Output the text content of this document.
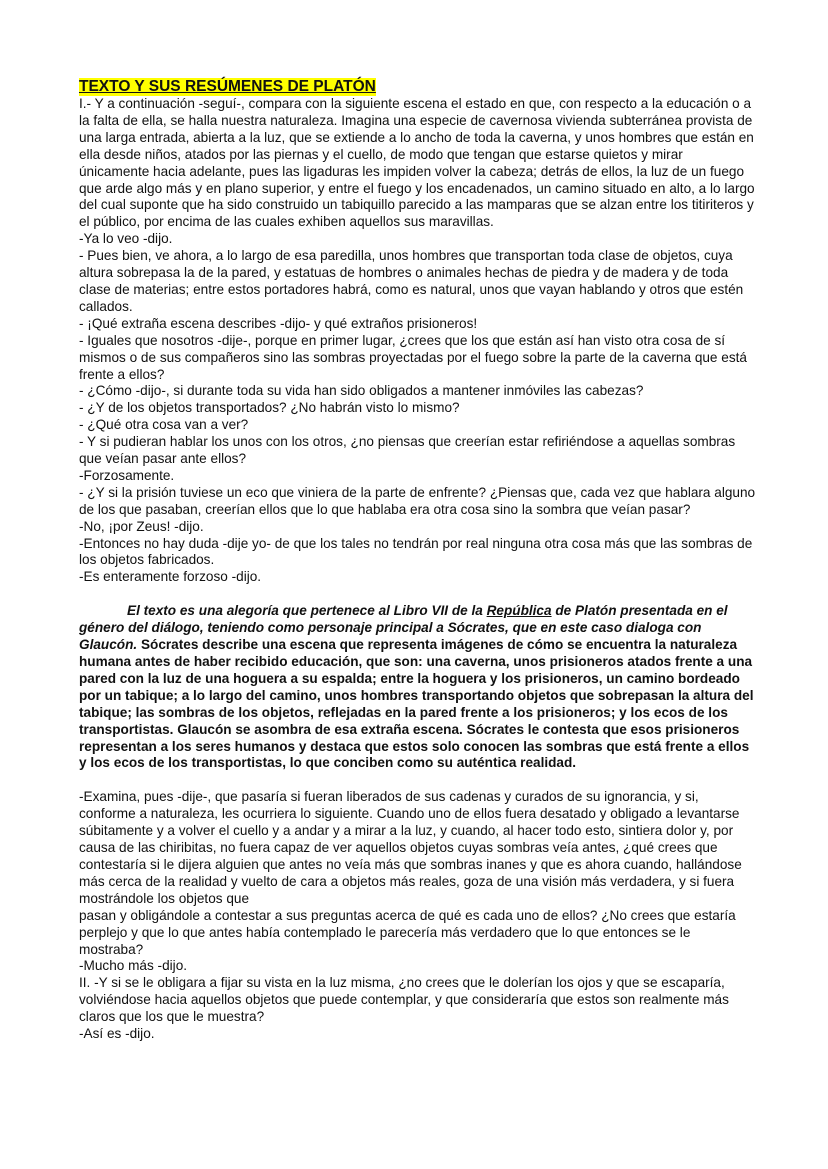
TEXTO Y SUS RESÚMENES DE PLATÓN

I.- Y a continuación -seguí-, compara con la siguiente escena el estado en que, con respecto a la educación o a la falta de ella, se halla nuestra naturaleza. Imagina una especie de cavernosa vivienda subterránea provista de una larga entrada, abierta a la luz, que se extiende a lo ancho de toda la caverna, y unos hombres que están en ella desde niños, atados por las piernas y el cuello, de modo que tengan que estarse quietos y mirar únicamente hacia adelante, pues las ligaduras les impiden volver la cabeza; detrás de ellos, la luz de un fuego que arde algo más y en plano superior, y entre el fuego y los encadenados, un camino situado en alto, a lo largo del cual suponte que ha sido construido un tabiquillo parecido a las mamparas que se alzan entre los titiriteros y el público, por encima de las cuales exhiben aquellos sus maravillas.

-Ya lo veo -dijo.

- Pues bien, ve ahora, a lo largo de esa paredilla, unos hombres que transportan toda clase de objetos, cuya altura sobrepasa la de la pared, y estatuas de hombres o animales hechas de piedra y de madera y de toda clase de materias; entre estos portadores habrá, como es natural, unos que vayan hablando y otros que estén callados.

- ¡Qué extraña escena describes -dijo- y qué extraños prisioneros!

- Iguales que nosotros -dije-, porque en primer lugar, ¿crees que los que están así han visto otra cosa de sí mismos o de sus compañeros sino las sombras proyectadas por el fuego sobre la parte de la caverna que está frente a ellos?

- ¿Cómo -dijo-, si durante toda su vida han sido obligados a mantener inmóviles las cabezas?

- ¿Y de los objetos transportados? ¿No habrán visto lo mismo?

- ¿Qué otra cosa van a ver?

- Y si pudieran hablar los unos con los otros, ¿no piensas que creerían estar refiriéndose a aquellas sombras que veían pasar ante ellos?

-Forzosamente.

- ¿Y si la prisión tuviese un eco que viniera de la parte de enfrente? ¿Piensas que, cada vez que hablara alguno de los que pasaban, creerían ellos que lo que hablaba era otra cosa sino la sombra que veían pasar?

-No, ¡por Zeus! -dijo.

-Entonces no hay duda -dije yo- de que los tales no tendrán por real ninguna otra cosa más que las sombras de los objetos fabricados.

-Es enteramente forzoso -dijo.

El texto es una alegoría que pertenece al Libro VII de la República de Platón presentada en el género del diálogo, teniendo como personaje principal a Sócrates, que en este caso dialoga con Glaucón. Sócrates describe una escena que representa imágenes de cómo se encuentra la naturaleza humana antes de haber recibido educación, que son: una caverna, unos prisioneros atados frente a una pared con la luz de una hoguera a su espalda; entre la hoguera y los prisioneros, un camino bordeado por un tabique; a lo largo del camino, unos hombres transportando objetos que sobrepasan la altura del tabique; las sombras de los objetos, reflejadas en la pared frente a los prisioneros; y los ecos de los transportistas. Glaucón se asombra de esa extraña escena. Sócrates le contesta que esos prisioneros representan a los seres humanos y destaca que estos solo conocen las sombras que está frente a ellos y los ecos de los transportistas, lo que conciben como su auténtica realidad.

-Examina, pues -dije-, que pasaría si fueran liberados de sus cadenas y curados de su ignorancia, y si, conforme a naturaleza, les ocurriera lo siguiente. Cuando uno de ellos fuera desatado y obligado a levantarse súbitamente y a volver el cuello y a andar y a mirar a la luz, y cuando, al hacer todo esto, sintiera dolor y, por causa de las chiribitas, no fuera capaz de ver aquellos objetos cuyas sombras veía antes, ¿qué crees que contestaría si le dijera alguien que antes no veía más que sombras inanes y que es ahora cuando, hallándose más cerca de la realidad y vuelto de cara a objetos más reales, goza de una visión más verdadera, y si fuera mostrándole los objetos que

pasan y obligándole a contestar a sus preguntas acerca de qué es cada uno de ellos? ¿No crees que estaría perplejo y que lo que antes había contemplado le parecería más verdadero que lo que entonces se le mostraba?

-Mucho más -dijo.

II. -Y si se le obligara a fijar su vista en la luz misma, ¿no crees que le dolerían los ojos y que se escaparía, volviéndose hacia aquellos objetos que puede contemplar, y que consideraría que estos son realmente más claros que los que le muestra?

-Así es -dijo.
